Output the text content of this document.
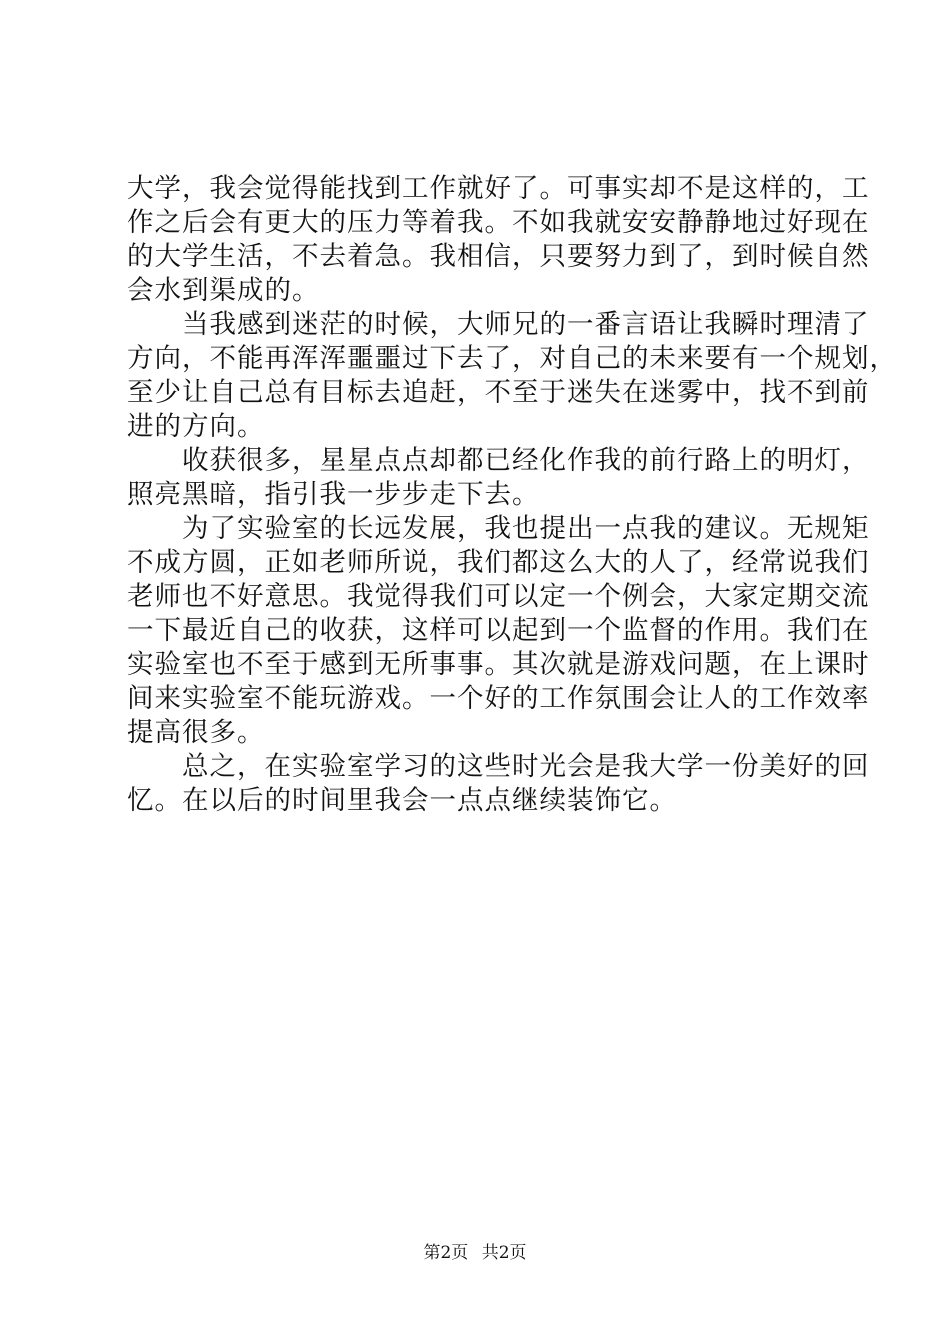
大学，我会觉得能找到工作就好了。可事实却不是这样的，工
作之后会有更大的压力等着我。不如我就安安静静地过好现在
的大学生活，不去着急。我相信，只要努力到了，到时候自然
会水到渠成的。
　　当我感到迷茫的时候，大师兄的一番言语让我瞬时理清了
方向，不能再浑浑噩噩过下去了，对自己的未来要有一个规划，
至少让自己总有目标去追赶，不至于迷失在迷雾中，找不到前
进的方向。
　　收获很多，星星点点却都已经化作我的前行路上的明灯，
照亮黑暗，指引我一步步走下去。
　　为了实验室的长远发展，我也提出一点我的建议。无规矩
不成方圆，正如老师所说，我们都这么大的人了，经常说我们
老师也不好意思。我觉得我们可以定一个例会，大家定期交流
一下最近自己的收获，这样可以起到一个监督的作用。我们在
实验室也不至于感到无所事事。其次就是游戏问题，在上课时
间来实验室不能玩游戏。一个好的工作氛围会让人的工作效率
提高很多。
　　总之，在实验室学习的这些时光会是我大学一份美好的回
忆。在以后的时间里我会一点点继续装饰它。
第2页 共2页
